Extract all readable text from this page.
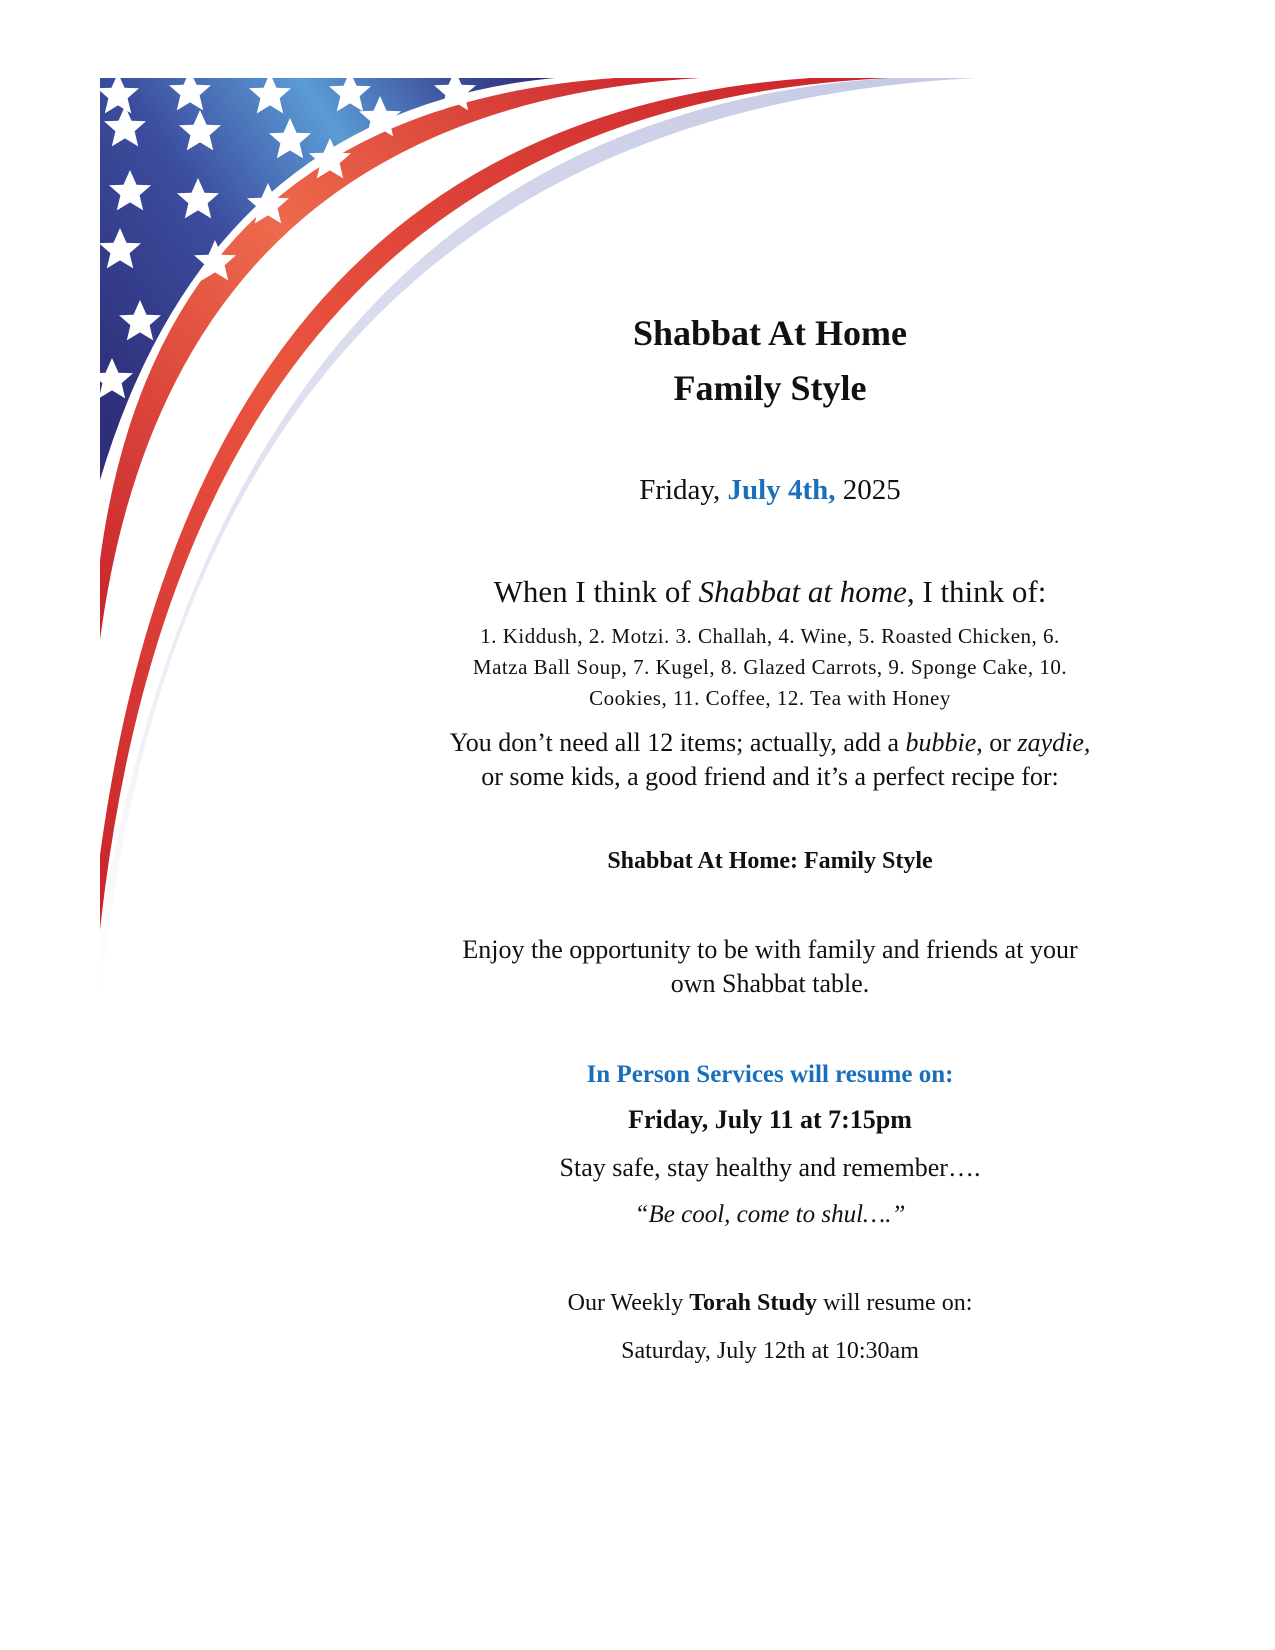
Shabbat At Home

Family Style

Friday, July 4th, 2025

When I think of Shabbat at home, I think of:

1. Kiddush, 2. Motzi. 3. Challah, 4. Wine, 5. Roasted Chicken, 6.

Matza Ball Soup, 7. Kugel, 8. Glazed Carrots, 9. Sponge Cake, 10.

Cookies, 11. Coffee, 12. Tea with Honey

You don’t need all 12 items; actually, add a bubbie, or zaydie,

or some kids, a good friend and it’s a perfect recipe for:

Shabbat At Home: Family Style

Enjoy the opportunity to be with family and friends at your

own Shabbat table.

In Person Services will resume on:

Friday, July 11 at 7:15pm

Stay safe, stay healthy and remember….

“Be cool, come to shul….”

Our Weekly Torah Study will resume on:

Saturday, July 12th at 10:30am
